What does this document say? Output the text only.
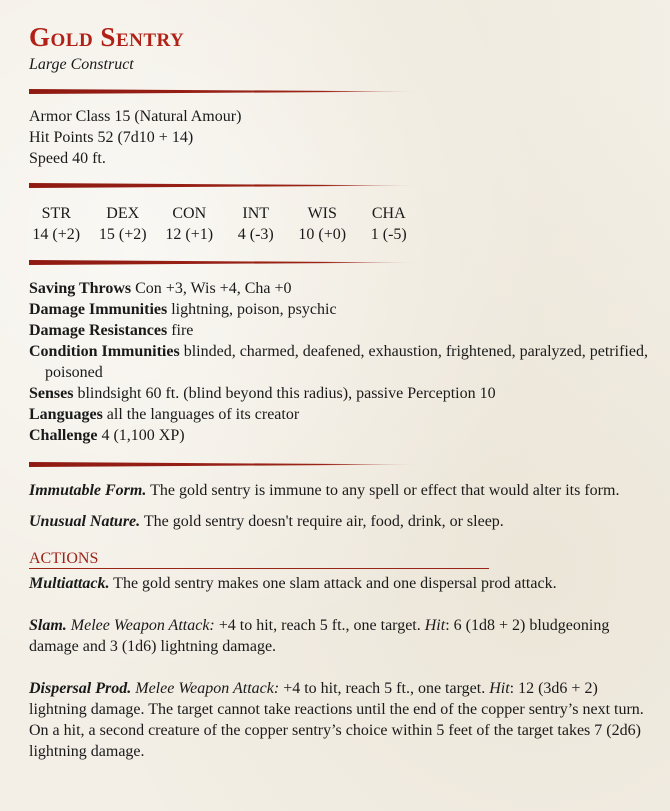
Gold Sentry
Large Construct
Armor Class 15 (Natural Amour)
Hit Points 52 (7d10 + 14)
Speed 40 ft.
STR
14 (+2)
DEX
15 (+2)
CON
12 (+1)
INT
4 (-3)
WIS
10 (+0)
CHA
1 (-5)
Saving Throws Con +3, Wis +4, Cha +0
Damage Immunities lightning, poison, psychic
Damage Resistances fire
Condition Immunities blinded, charmed, deafened, exhaustion, frightened, paralyzed, petrified, poisoned
Senses blindsight 60 ft. (blind beyond this radius), passive Perception 10
Languages all the languages of its creator
Challenge 4 (1,100 XP)
Immutable Form. The gold sentry is immune to any spell or effect that would alter its form.
Unusual Nature. The gold sentry doesn't require air, food, drink, or sleep.
ACTIONS
Multiattack. The gold sentry makes one slam attack and one dispersal prod attack.
Slam. Melee Weapon Attack: +4 to hit, reach 5 ft., one target. Hit: 6 (1d8 + 2) bludgeoning damage and 3 (1d6) lightning damage.
Dispersal Prod. Melee Weapon Attack: +4 to hit, reach 5 ft., one target. Hit: 12 (3d6 + 2) lightning damage. The target cannot take reactions until the end of the copper sentry’s next turn. On a hit, a second creature of the copper sentry’s choice within 5 feet of the target takes 7 (2d6) lightning damage.
